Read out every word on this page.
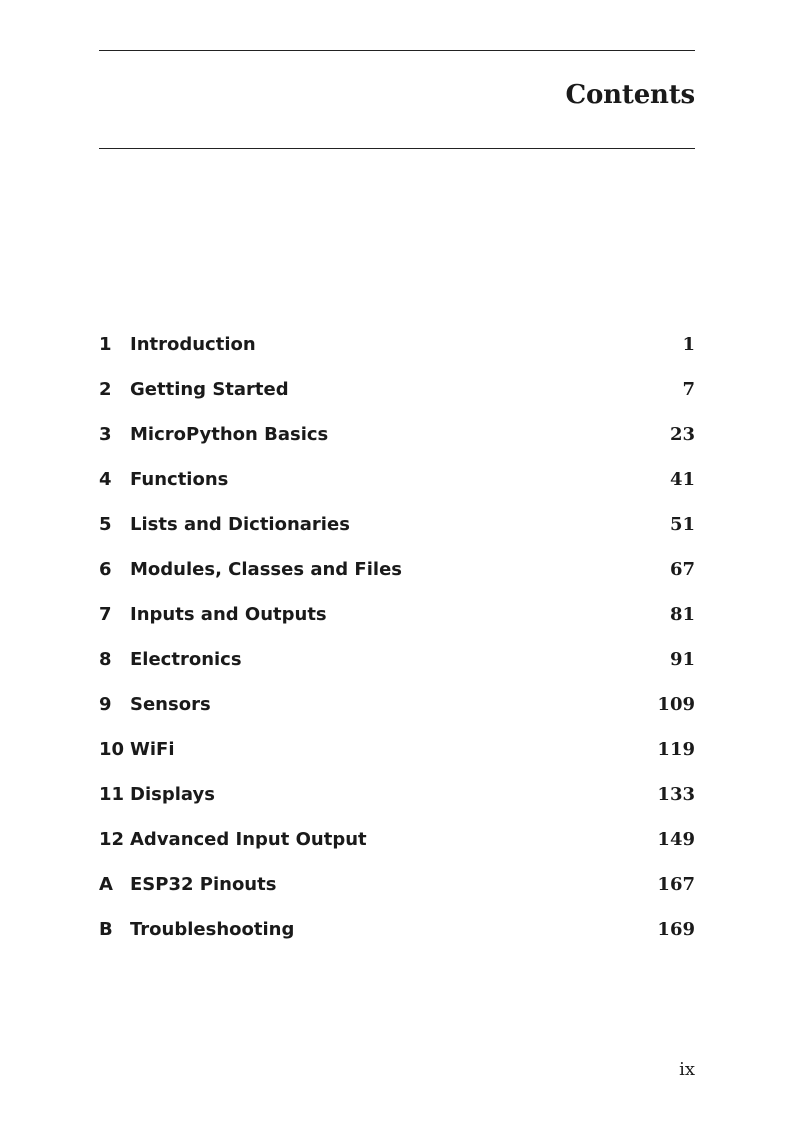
Contents
1 Introduction	1
2 Getting Started	7
3 MicroPython Basics	23
4 Functions	41
5 Lists and Dictionaries	51
6 Modules, Classes and Files	67
7 Inputs and Outputs	81
8 Electronics	91
9 Sensors	109
10 WiFi	119
11 Displays	133
12 Advanced Input Output	149
A ESP32 Pinouts	167
B Troubleshooting	169
ix
